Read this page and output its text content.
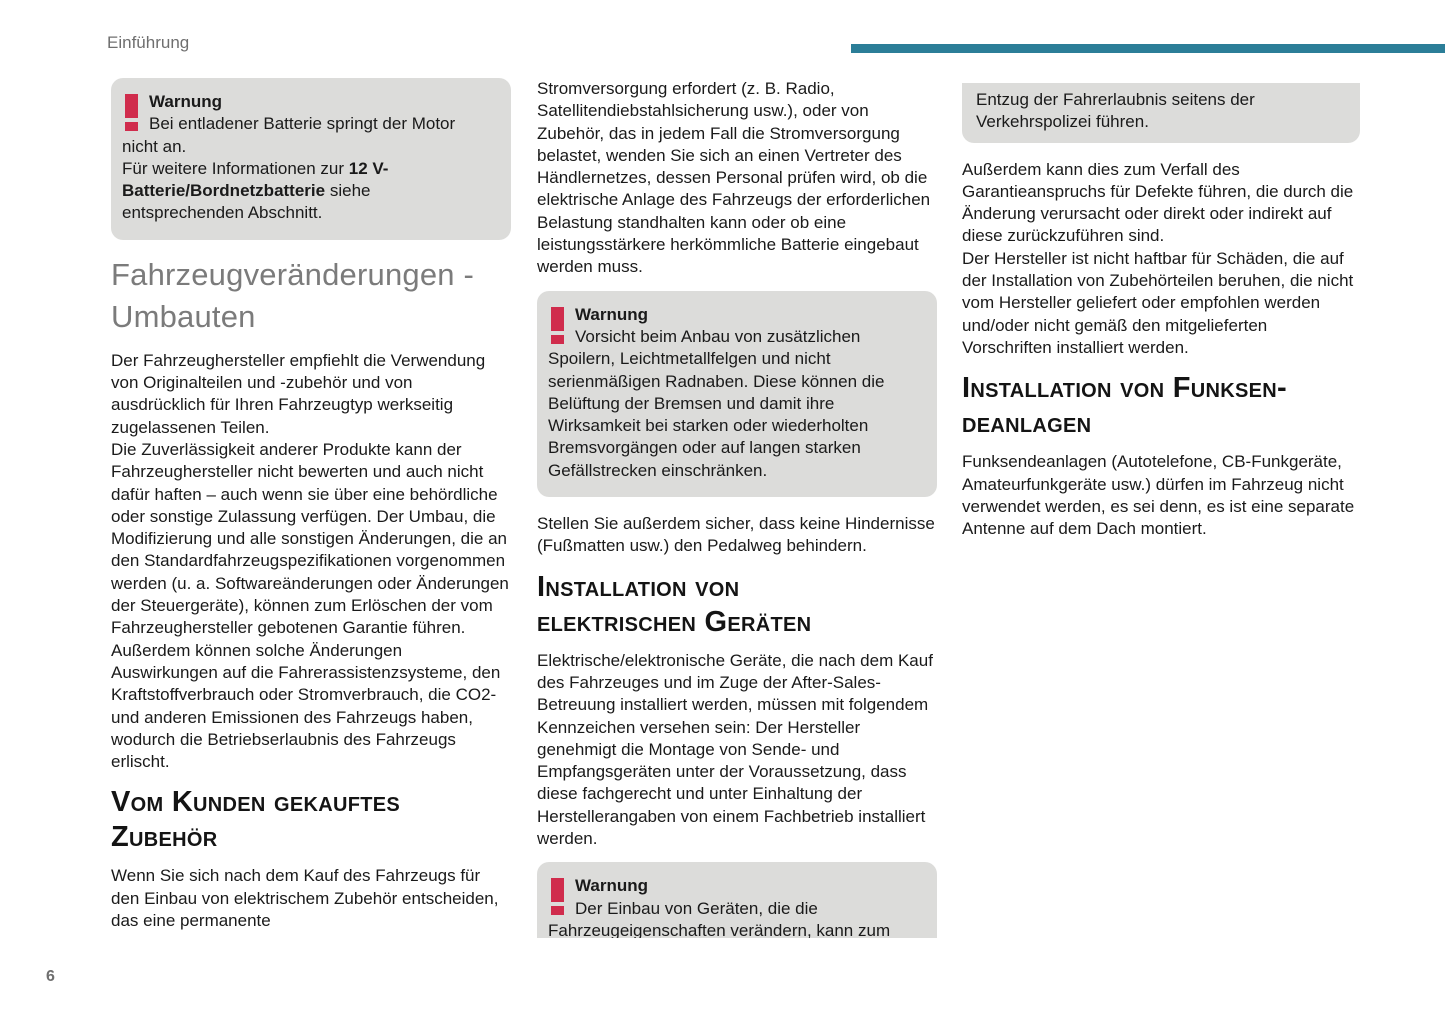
Einführung
Warnung

Bei entladener Batterie springt der Motor nicht an.

Für weitere Informationen zur 12 V-Batterie/Bordnetzbatterie siehe entsprechenden Abschnitt.

Fahrzeugveränderungen -
Umbauten

Der Fahrzeughersteller empfiehlt die Verwendung von Originalteilen und -zubehör und von ausdrücklich für Ihren Fahrzeugtyp werkseitig zugelassenen Teilen.

Die Zuverlässigkeit anderer Produkte kann der Fahrzeughersteller nicht bewerten und auch nicht dafür haften – auch wenn sie über eine behördliche oder sonstige Zulassung verfügen. Der Umbau, die Modifizierung und alle sonstigen Änderungen, die an den Standardfahrzeugspezifikationen vorgenommen werden (u. a. Softwareänderungen oder Änderungen der Steuergeräte), können zum Erlöschen der vom Fahrzeughersteller gebotenen Garantie führen. Außerdem können solche Änderungen Auswirkungen auf die Fahrerassistenzsysteme, den Kraftstoffverbrauch oder Stromverbrauch, die CO2- und anderen Emissionen des Fahrzeugs haben, wodurch die Betriebserlaubnis des Fahrzeugs erlischt.

Vom Kunden gekauftes
Zubehör

Wenn Sie sich nach dem Kauf des Fahrzeugs für den Einbau von elektrischem Zubehör entscheiden, das eine permanente

Stromversorgung erfordert (z. B. Radio, Satellitendiebstahlsicherung usw.), oder von Zubehör, das in jedem Fall die Stromversorgung belastet, wenden Sie sich an einen Vertreter des Händlernetzes, dessen Personal prüfen wird, ob die elektrische Anlage des Fahrzeugs der erforderlichen Belastung standhalten kann oder ob eine leistungsstärkere herkömmliche Batterie eingebaut werden muss.

Warnung

Vorsicht beim Anbau von zusätzlichen Spoilern, Leichtmetallfelgen und nicht serienmäßigen Radnaben. Diese können die Belüftung der Bremsen und damit ihre Wirksamkeit bei starken oder wiederholten Bremsvorgängen oder auf langen starken Gefällstrecken einschränken.

Stellen Sie außerdem sicher, dass keine Hindernisse (Fußmatten usw.) den Pedalweg behindern.

Installation von
elektrischen Geräten

Elektrische/elektronische Geräte, die nach dem Kauf des Fahrzeuges und im Zuge der After-Sales-Betreuung installiert werden, müssen mit folgendem Kennzeichen versehen sein: Der Hersteller genehmigt die Montage von Sende- und Empfangsgeräten unter der Voraussetzung, dass diese fachgerecht und unter Einhaltung der Herstellerangaben von einem Fachbetrieb installiert werden.

Warnung

Der Einbau von Geräten, die die Fahrzeugeigenschaften verändern, kann zum

Entzug der Fahrerlaubnis seitens der Verkehrspolizei führen.

Außerdem kann dies zum Verfall des Garantieanspruchs für Defekte führen, die durch die Änderung verursacht oder direkt oder indirekt auf diese zurückzuführen sind.

Der Hersteller ist nicht haftbar für Schäden, die auf der Installation von Zubehörteilen beruhen, die nicht vom Hersteller geliefert oder empfohlen werden und/oder nicht gemäß den mitgelieferten Vorschriften installiert werden.

Installation von Funksen-
deanlagen

Funksendeanlagen (Autotelefone, CB-Funkgeräte, Amateurfunkgeräte usw.) dürfen im Fahrzeug nicht verwendet werden, es sei denn, es ist eine separate Antenne auf dem Dach montiert.

6
